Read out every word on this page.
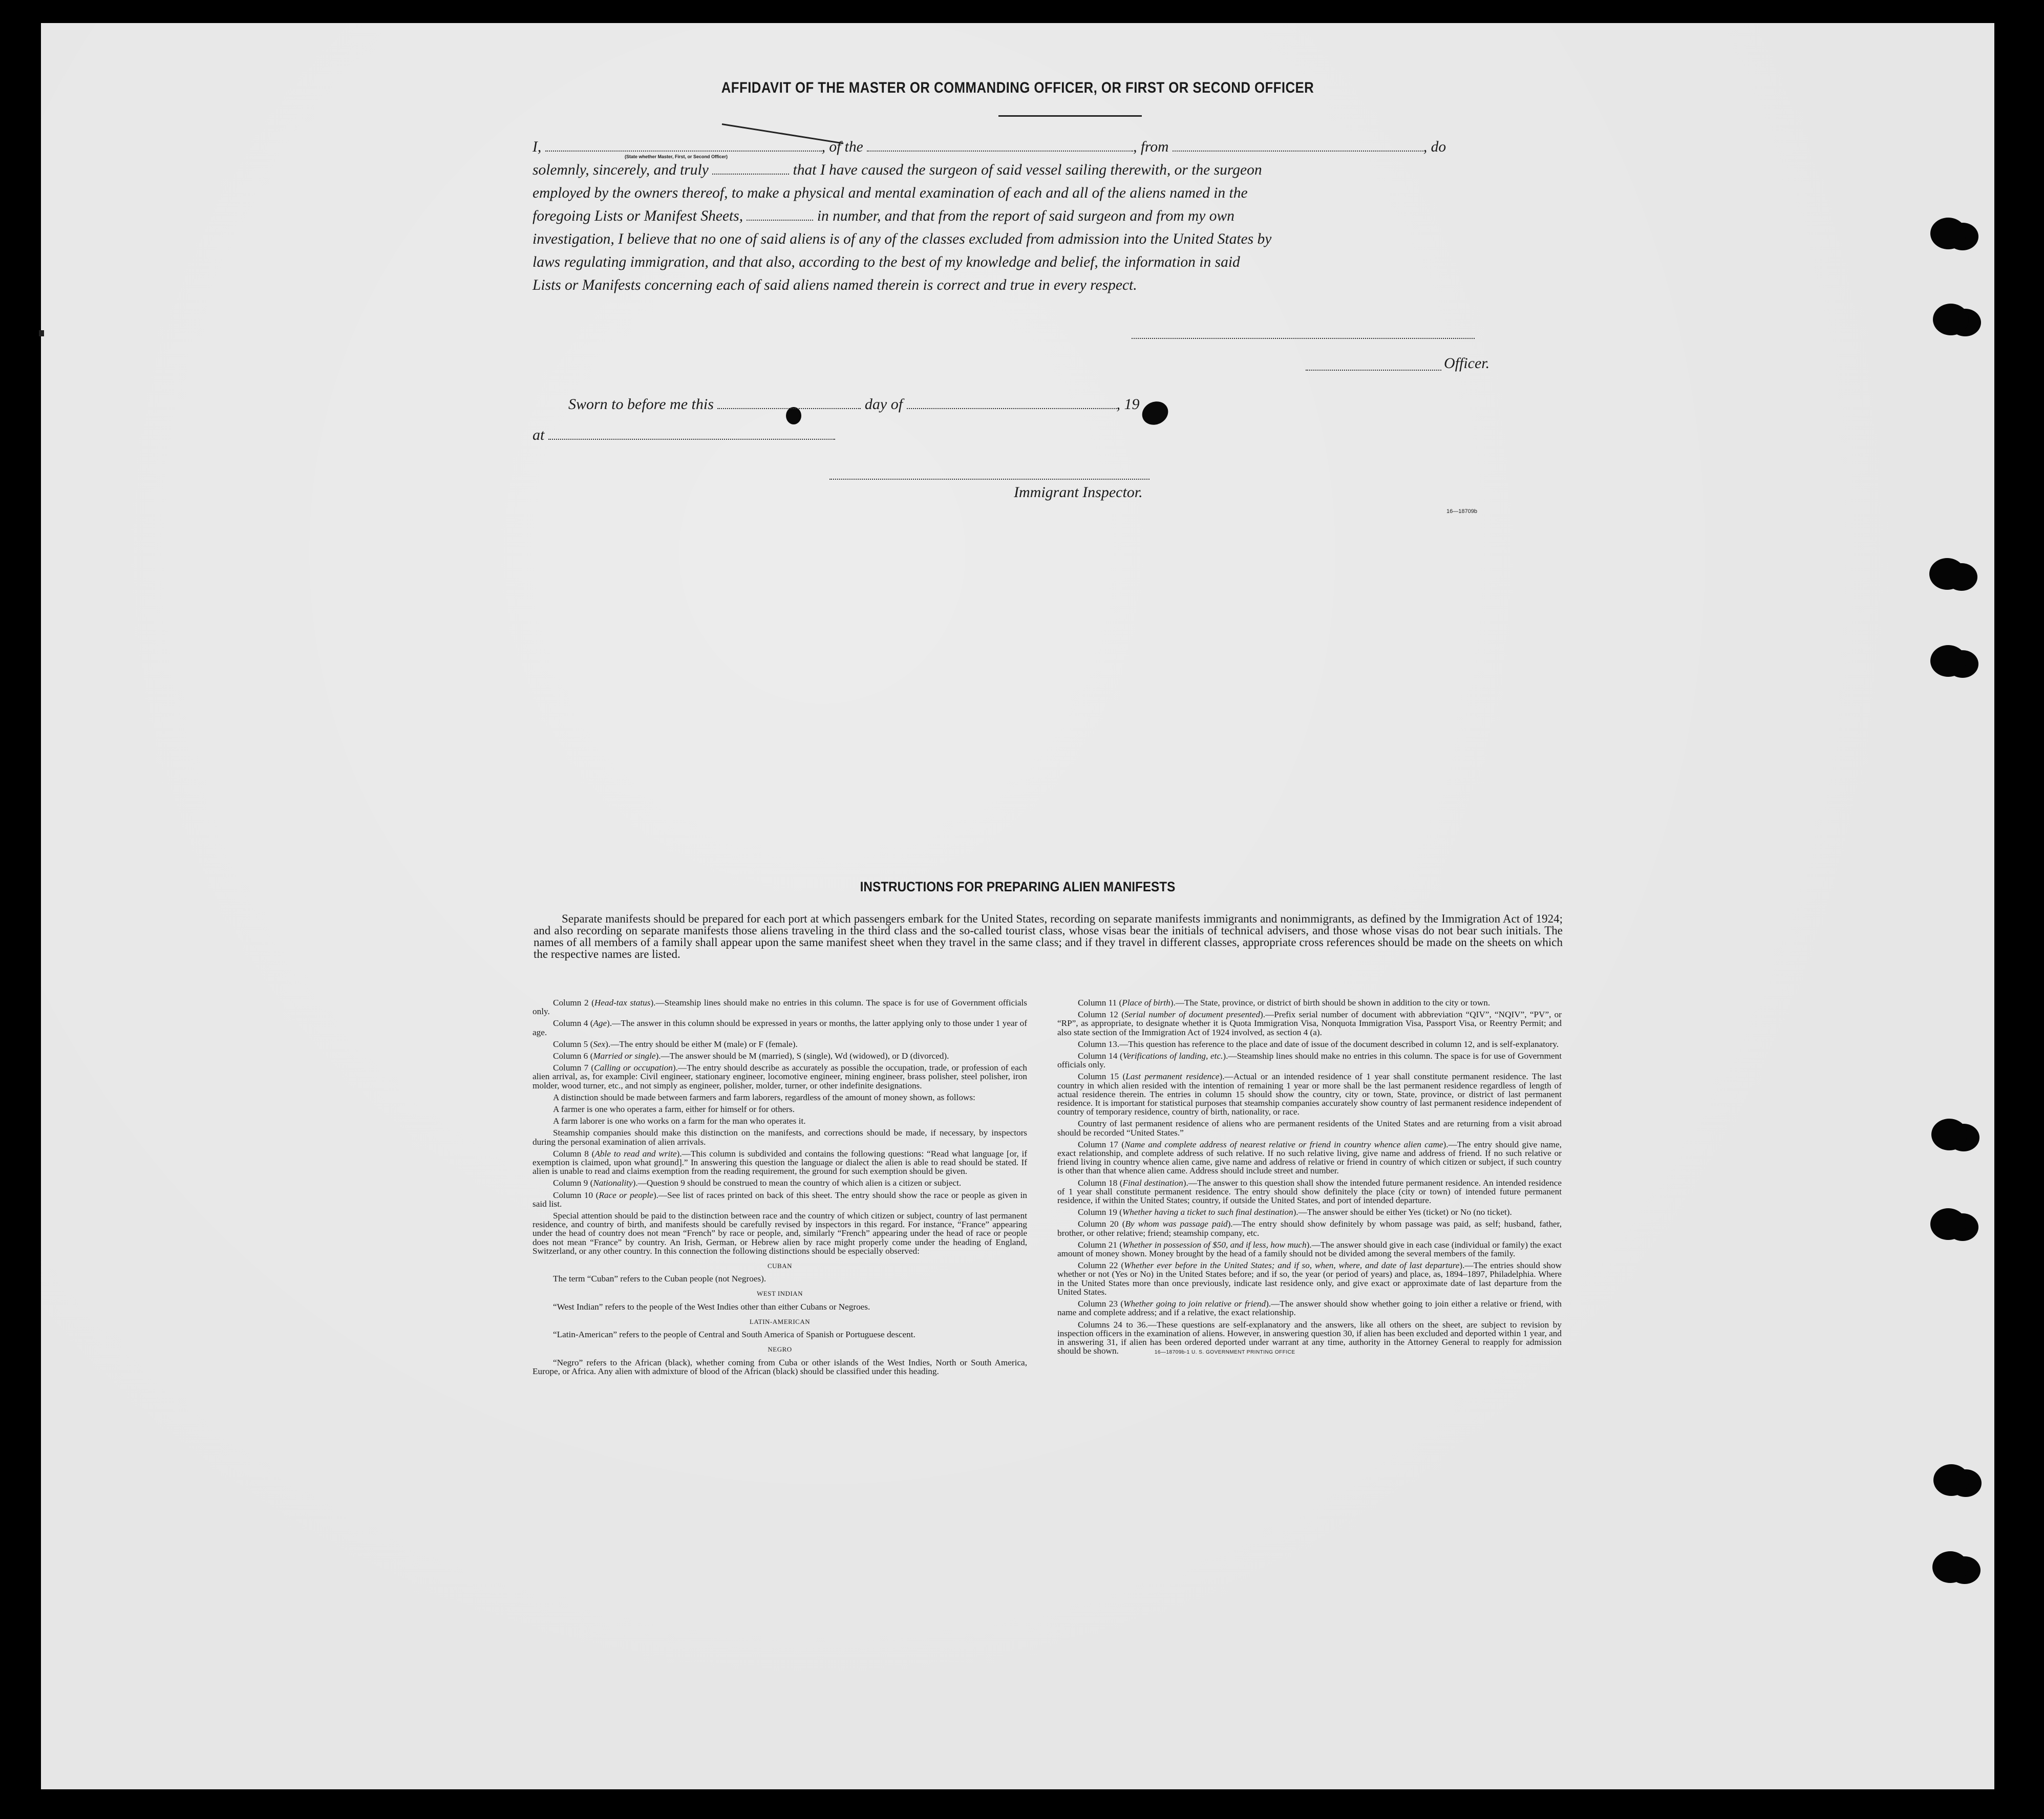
AFFIDAVIT OF THE MASTER OR COMMANDING OFFICER, OR FIRST OR SECOND OFFICER
I,	, of the	, from	, do
solemnly, sincerely, and truly	that I have caused the surgeon of said vessel sailing therewith, or the surgeon
employed by the owners thereof, to make a physical and mental examination of each and all of the aliens named in the
foregoing Lists or Manifest Sheets,	in number, and that from the report of said surgeon and from my own
investigation, I believe that no one of said aliens is of any of the classes excluded from admission into the United States by
laws regulating immigration, and that also, according to the best of my knowledge and belief, the information in said
Lists or Manifests concerning each of said aliens named therein is correct and true in every respect.
(State whether Master, First, or Second Officer)
Officer.
Sworn to before me this	day of	, 19
at
Immigrant Inspector.
16—18709b
INSTRUCTIONS FOR PREPARING ALIEN MANIFESTS
Separate manifests should be prepared for each port at which passengers embark for the United States, recording on separate manifests immigrants and nonimmigrants, as defined by the Immigration Act of 1924; and also recording on separate manifests those aliens traveling in the third class and the so-called tourist class, whose visas bear the initials of technical advisers, and those whose visas do not bear such initials. The names of all members of a family shall appear upon the same manifest sheet when they travel in the same class; and if they travel in different classes, appropriate cross references should be made on the sheets on which the respective names are listed.

Column 2 (Head-tax status).—Steamship lines should make no entries in this column. The space is for use of Government officials only.

Column 4 (Age).—The answer in this column should be expressed in years or months, the latter applying only to those under 1 year of age.

Column 5 (Sex).—The entry should be either M (male) or F (female).

Column 6 (Married or single).—The answer should be M (married), S (single), Wd (widowed), or D (divorced).

Column 7 (Calling or occupation).—The entry should describe as accurately as possible the occupation, trade, or profession of each alien arrival, as, for example: Civil engineer, stationary engineer, locomotive engineer, mining engineer, brass polisher, steel polisher, iron molder, wood turner, etc., and not simply as engineer, polisher, molder, turner, or other indefinite designations.

A distinction should be made between farmers and farm laborers, regardless of the amount of money shown, as follows:

A farmer is one who operates a farm, either for himself or for others.

A farm laborer is one who works on a farm for the man who operates it.

Steamship companies should make this distinction on the manifests, and corrections should be made, if necessary, by inspectors during the personal examination of alien arrivals.

Column 8 (Able to read and write).—This column is subdivided and contains the following questions: “Read what language [or, if exemption is claimed, upon what ground].” In answering this question the language or dialect the alien is able to read should be stated. If alien is unable to read and claims exemption from the reading requirement, the ground for such exemption should be given.

Column 9 (Nationality).—Question 9 should be construed to mean the country of which alien is a citizen or subject.

Column 10 (Race or people).—See list of races printed on back of this sheet. The entry should show the race or people as given in said list.

Special attention should be paid to the distinction between race and the country of which citizen or subject, country of last permanent residence, and country of birth, and manifests should be carefully revised by inspectors in this regard. For instance, “France” appearing under the head of country does not mean “French” by race or people, and, similarly “French” appearing under the head of race or people does not mean “France” by country. An Irish, German, or Hebrew alien by race might properly come under the heading of England, Switzerland, or any other country. In this connection the following distinctions should be especially observed:

CUBAN

The term “Cuban” refers to the Cuban people (not Negroes).

WEST INDIAN

“West Indian” refers to the people of the West Indies other than either Cubans or Negroes.

LATIN-AMERICAN

“Latin-American” refers to the people of Central and South America of Spanish or Portuguese descent.

NEGRO

“Negro” refers to the African (black), whether coming from Cuba or other islands of the West Indies, North or South America, Europe, or Africa. Any alien with admixture of blood of the African (black) should be classified under this heading.

Column 11 (Place of birth).—The State, province, or district of birth should be shown in addition to the city or town.

Column 12 (Serial number of document presented).—Prefix serial number of document with abbreviation “QIV”, “NQIV”, “PV”, or “RP”, as appropriate, to designate whether it is Quota Immigration Visa, Nonquota Immigration Visa, Passport Visa, or Reentry Permit; and also state section of the Immigration Act of 1924 involved, as section 4 (a).

Column 13.—This question has reference to the place and date of issue of the document described in column 12, and is self-explanatory.

Column 14 (Verifications of landing, etc.).—Steamship lines should make no entries in this column. The space is for use of Government officials only.

Column 15 (Last permanent residence).—Actual or an intended residence of 1 year shall constitute permanent residence. The last country in which alien resided with the intention of remaining 1 year or more shall be the last permanent residence regardless of length of actual residence therein. The entries in column 15 should show the country, city or town, State, province, or district of last permanent residence. It is important for statistical purposes that steamship companies accurately show country of last permanent residence independent of country of temporary residence, country of birth, nationality, or race.

Country of last permanent residence of aliens who are permanent residents of the United States and are returning from a visit abroad should be recorded “United States.”

Column 17 (Name and complete address of nearest relative or friend in country whence alien came).—The entry should give name, exact relationship, and complete address of such relative. If no such relative living, give name and address of friend. If no such relative or friend living in country whence alien came, give name and address of relative or friend in country of which citizen or subject, if such country is other than that whence alien came. Address should include street and number.

Column 18 (Final destination).—The answer to this question shall show the intended future permanent residence. An intended residence of 1 year shall constitute permanent residence. The entry should show definitely the place (city or town) of intended future permanent residence, if within the United States; country, if outside the United States, and port of intended departure.

Column 19 (Whether having a ticket to such final destination).—The answer should be either Yes (ticket) or No (no ticket).

Column 20 (By whom was passage paid).—The entry should show definitely by whom passage was paid, as self; husband, father, brother, or other relative; friend; steamship company, etc.

Column 21 (Whether in possession of $50, and if less, how much).—The answer should give in each case (individual or family) the exact amount of money shown. Money brought by the head of a family should not be divided among the several members of the family.

Column 22 (Whether ever before in the United States; and if so, when, where, and date of last departure).—The entries should show whether or not (Yes or No) in the United States before; and if so, the year (or period of years) and place, as, 1894–1897, Philadelphia. Where in the United States more than once previously, indicate last residence only, and give exact or approximate date of last departure from the United States.

Column 23 (Whether going to join relative or friend).—The answer should show whether going to join either a relative or friend, with name and complete address; and if a relative, the exact relationship.

Columns 24 to 36.—These questions are self-explanatory and the answers, like all others on the sheet, are subject to revision by inspection officers in the examination of aliens. However, in answering question 30, if alien has been excluded and deported within 1 year, and in answering 31, if alien has been ordered deported under warrant at any time, authority in the Attorney General to reapply for admission should be shown.	16—18709b-1 U. S. GOVERNMENT PRINTING OFFICE
